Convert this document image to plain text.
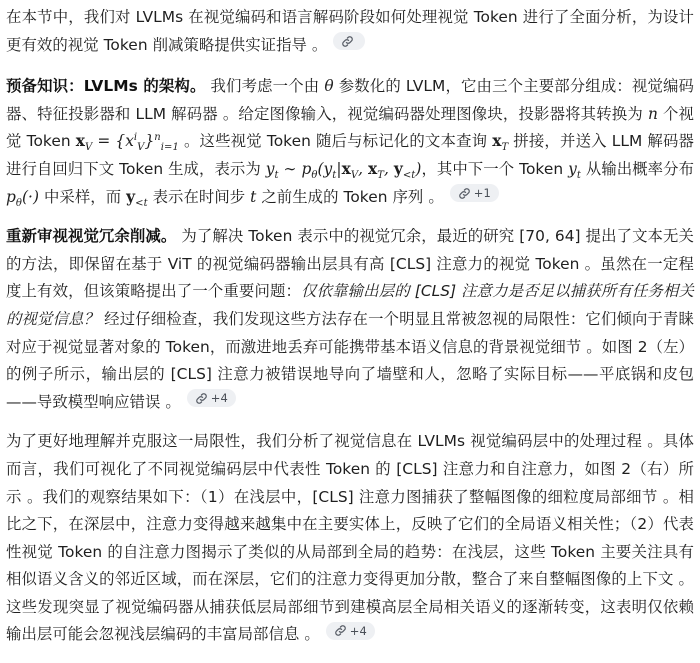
在本节中，我们对 LVLMs 在视觉编码和语言解码阶段如何处理视觉 Token 进行了全面分析，为设计更有效的视觉 Token 削减策略提供实证指导 。

预备知识：LVLMs 的架构。 我们考虑一个由 θ 参数化的 LVLM，它由三个主要部分组成：视觉编码器、特征投影器和 LLM 解码器 。给定图像输入，视觉编码器处理图像块，投影器将其转换为 n 个视觉 Token $x_V = \{x^i_V\}^n_{i=1}$ 。这些视觉 Token 随后与标记化的文本查询 $x_T$ 拼接，并送入 LLM 解码器进行自回归下文 Token 生成，表示为 $y_t$ ∼ $p_\theta(y_t|x_V$, $x_T$, $y_{<t}$)，其中下一个 Token $y_t$ 从输出概率分布 $p_\theta(\cdot)$ 中采样，而 $y_{<t}$ 表示在时间步 t 之前生成的 Token 序列 。	+1

重新审视视觉冗余削减。 为了解决 Token 表示中的视觉冗余，最近的研究 [70, 64] 提出了文本无关的方法，即保留在基于 ViT 的视觉编码器输出层具有高 [CLS] 注意力的视觉 Token 。虽然在一定程度上有效，但该策略提出了一个重要问题：仅依靠输出层的 [CLS] 注意力是否足以捕获所有任务相关的视觉信息？ 经过仔细检查，我们发现这些方法存在一个明显且常被忽视的局限性：它们倾向于青睐对应于视觉显著对象的 Token，而激进地丢弃可能携带基本语义信息的背景视觉细节 。如图 2（左）的例子所示，输出层的 [CLS] 注意力被错误地导向了墙壁和人，忽略了实际目标——平底锅和皮包——导致模型响应错误 。	+4

为了更好地理解并克服这一局限性，我们分析了视觉信息在 LVLMs 视觉编码层中的处理过程 。具体而言，我们可视化了不同视觉编码层中代表性 Token 的 [CLS] 注意力和自注意力，如图 2（右）所示 。我们的观察结果如下：（1）在浅层中，[CLS] 注意力图捕获了整幅图像的细粒度局部细节 。相比之下，在深层中，注意力变得越来越集中在主要实体上，反映了它们的全局语义相关性；（2）代表性视觉 Token 的自注意力图揭示了类似的从局部到全局的趋势：在浅层，这些 Token 主要关注具有相似语义含义的邻近区域，而在深层，它们的注意力变得更加分散，整合了来自整幅图像的上下文 。这些发现突显了视觉编码器从捕获低层局部细节到建模高层全局相关语义的逐渐转变，这表明仅依赖输出层可能会忽视浅层编码的丰富局部信息 。	+4
